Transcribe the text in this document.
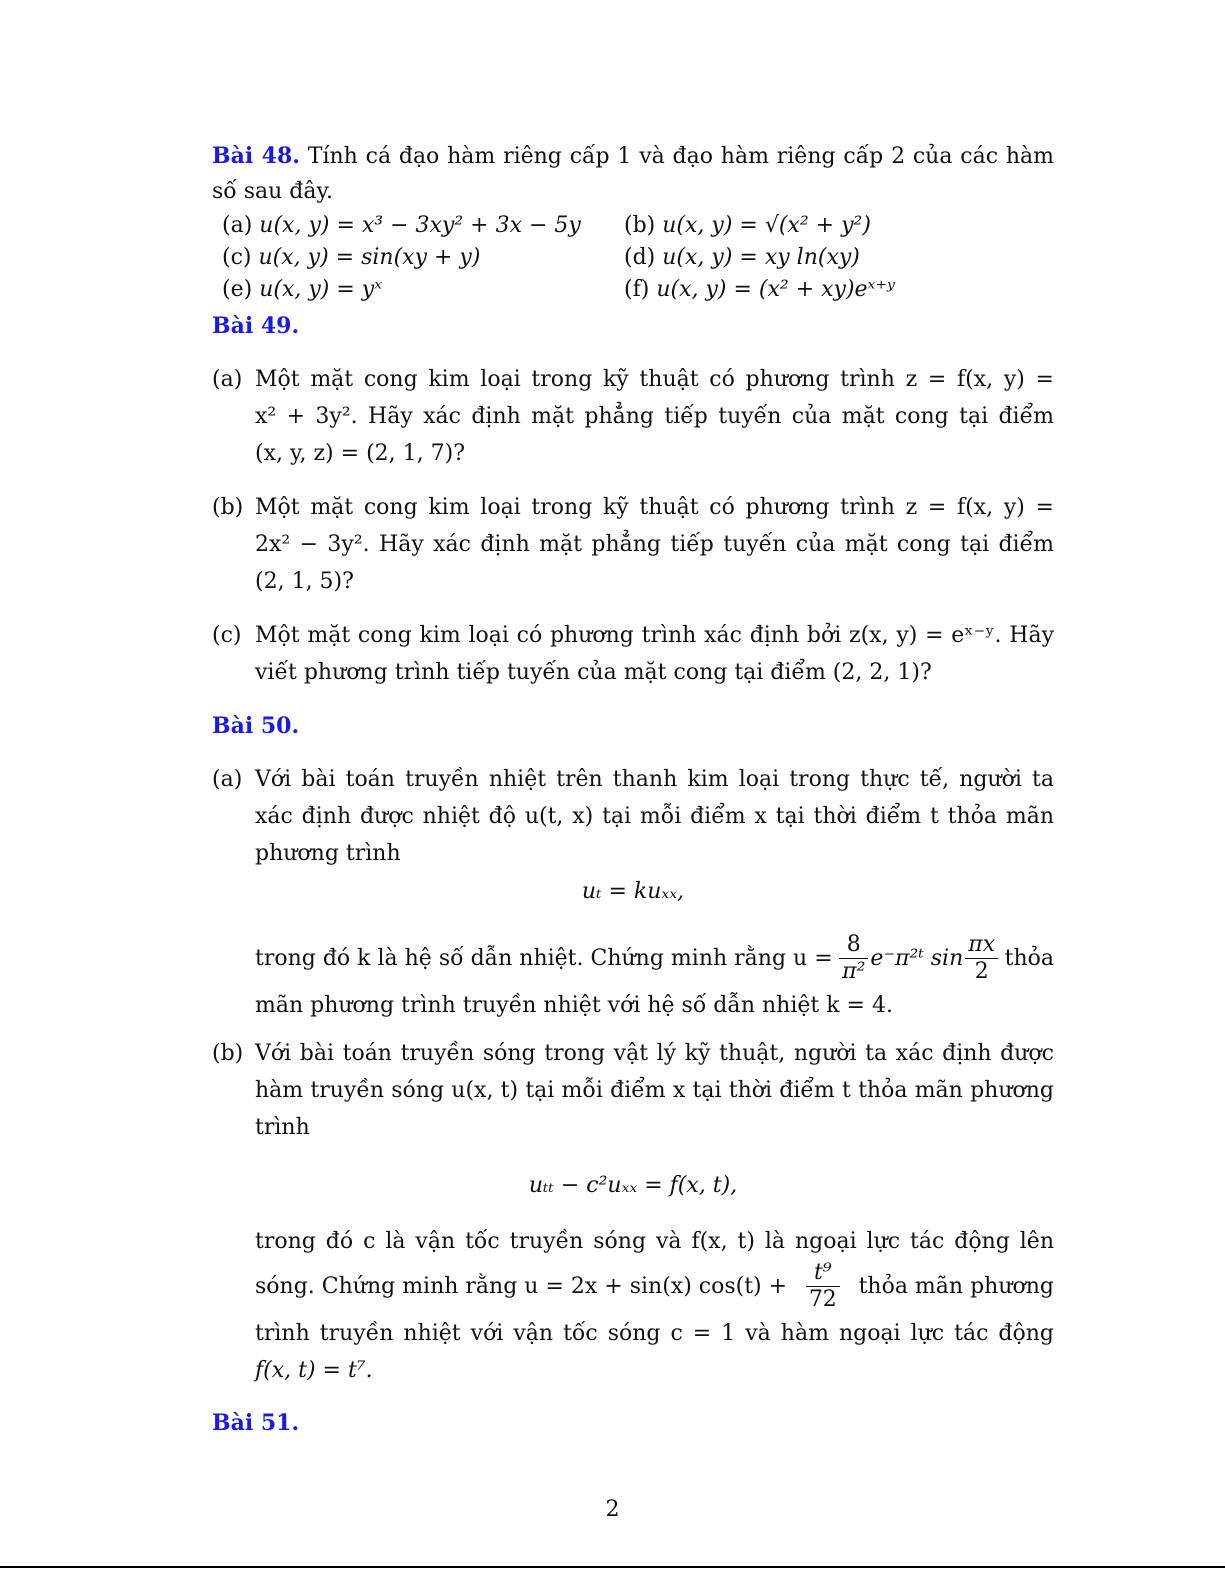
Bài 48. Tính cá đạo hàm riêng cấp 1 và đạo hàm riêng cấp 2 của các hàm
số sau đây.
(a) u(x, y) = x³ − 3xy² + 3x − 5y (b) u(x, y) = √(x² + y²)
(c) u(x, y) = sin(xy + y)	(d) u(x, y) = xy ln(xy)
(e) u(x, y) = yˣ	(f) u(x, y) = (x² + xy)eˣ⁺ʸ
Bài 49.
(a) Một mặt cong kim loại trong kỹ thuật có phương trình z = f(x, y) =
x² + 3y². Hãy xác định mặt phẳng tiếp tuyến của mặt cong tại điểm
(x, y, z) = (2, 1, 7)?
(b) Một mặt cong kim loại trong kỹ thuật có phương trình z = f(x, y) =
2x² − 3y². Hãy xác định mặt phẳng tiếp tuyến của mặt cong tại điểm
(2, 1, 5)?
(c) Một mặt cong kim loại có phương trình xác định bởi z(x, y) = eˣ⁻ʸ. Hãy
viết phương trình tiếp tuyến của mặt cong tại điểm (2, 2, 1)?
Bài 50.
(a) Với bài toán truyền nhiệt trên thanh kim loại trong thực tế, người ta
xác định được nhiệt độ u(t, x) tại mỗi điểm x tại thời điểm t thỏa mãn
phương trình
uₜ = kuₓₓ,
trong đó k là hệ số dẫn nhiệt. Chứng minh rằng $u = \frac{8}{\text{π²}}$ e⁻π²ᵗ $\sin \frac{\pi x}{2}$ thỏa
mãn phương trình truyền nhiệt với hệ số dẫn nhiệt k = 4.
(b) Với bài toán truyền sóng trong vật lý kỹ thuật, người ta xác định được
hàm truyền sóng u(x, t) tại mỗi điểm x tại thời điểm t thỏa mãn phương
trình
uₜₜ − c²uₓₓ = f(x, t),
trong đó c là vận tốc truyền sóng và f(x, t) là ngoại lực tác động lên
sóng. Chứng minh rằng u = 2x + sin(x) $\cos(t) + \frac{\text{t⁹}}{72}$ thỏa mãn phương
trình truyền nhiệt với vận tốc sóng c = 1 và hàm ngoại lực tác động
f(x, t) = t⁷.
Bài 51.
2
